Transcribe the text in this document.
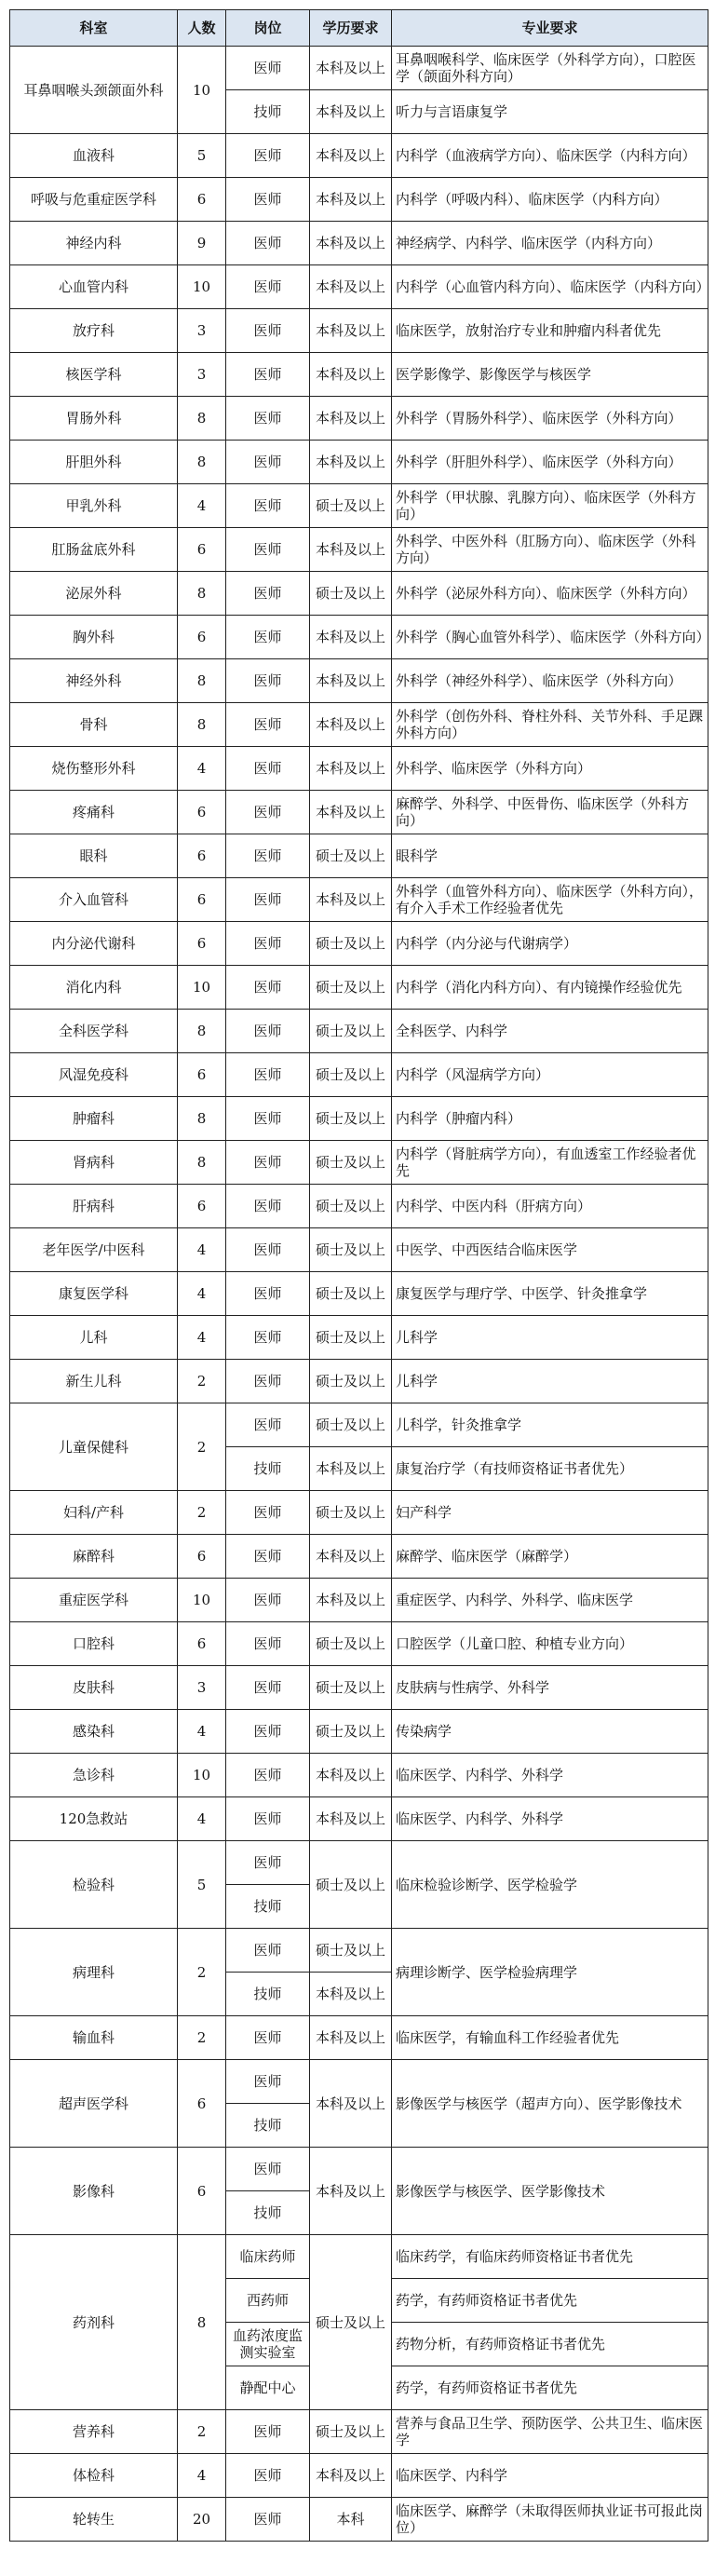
科室	人数	岗位	学历要求	专业要求
耳鼻咽喉头颈颌面外科	10	医师	本科及以上	耳鼻咽喉科学、临床医学（外科学方向），口腔医学（颌面外科方向）
		技师	本科及以上	听力与言语康复学
血液科	5	医师	本科及以上	内科学（血液病学方向）、临床医学（内科方向）
呼吸与危重症医学科	6	医师	本科及以上	内科学（呼吸内科）、临床医学（内科方向）
神经内科	9	医师	本科及以上	神经病学、内科学、临床医学（内科方向）
心血管内科	10	医师	本科及以上	内科学（心血管内科方向）、临床医学（内科方向）
放疗科	3	医师	本科及以上	临床医学，放射治疗专业和肿瘤内科者优先
核医学科	3	医师	本科及以上	医学影像学、影像医学与核医学
胃肠外科	8	医师	本科及以上	外科学（胃肠外科学）、临床医学（外科方向）
肝胆外科	8	医师	本科及以上	外科学（肝胆外科学）、临床医学（外科方向）
甲乳外科	4	医师	硕士及以上	外科学（甲状腺、乳腺方向）、临床医学（外科方向）
肛肠盆底外科	6	医师	本科及以上	外科学、中医外科（肛肠方向）、临床医学（外科方向）
泌尿外科	8	医师	硕士及以上	外科学（泌尿外科方向）、临床医学（外科方向）
胸外科	6	医师	本科及以上	外科学（胸心血管外科学）、临床医学（外科方向）
神经外科	8	医师	本科及以上	外科学（神经外科学）、临床医学（外科方向）
骨科	8	医师	本科及以上	外科学（创伤外科、脊柱外科、关节外科、手足踝外科方向）
烧伤整形外科	4	医师	本科及以上	外科学、临床医学（外科方向）
疼痛科	6	医师	本科及以上	麻醉学、外科学、中医骨伤、临床医学（外科方向）
眼科	6	医师	硕士及以上	眼科学
介入血管科	6	医师	本科及以上	外科学（血管外科方向）、临床医学（外科方向），有介入手术工作经验者优先
内分泌代谢科	6	医师	硕士及以上	内科学（内分泌与代谢病学）
消化内科	10	医师	硕士及以上	内科学（消化内科方向）、有内镜操作经验优先
全科医学科	8	医师	硕士及以上	全科医学、内科学
风湿免疫科	6	医师	硕士及以上	内科学（风湿病学方向）
肿瘤科	8	医师	硕士及以上	内科学（肿瘤内科）
肾病科	8	医师	硕士及以上	内科学（肾脏病学方向），有血透室工作经验者优先
肝病科	6	医师	硕士及以上	内科学、中医内科（肝病方向）
老年医学/中医科	4	医师	硕士及以上	中医学、中西医结合临床医学
康复医学科	4	医师	硕士及以上	康复医学与理疗学、中医学、针灸推拿学
儿科	4	医师	硕士及以上	儿科学
新生儿科	2	医师	硕士及以上	儿科学
儿童保健科	2	医师	硕士及以上	儿科学，针灸推拿学
		技师	本科及以上	康复治疗学（有技师资格证书者优先）
妇科/产科	2	医师	硕士及以上	妇产科学
麻醉科	6	医师	本科及以上	麻醉学、临床医学（麻醉学）
重症医学科	10	医师	本科及以上	重症医学、内科学、外科学、临床医学
口腔科	6	医师	硕士及以上	口腔医学（儿童口腔、种植专业方向）
皮肤科	3	医师	硕士及以上	皮肤病与性病学、外科学
感染科	4	医师	硕士及以上	传染病学
急诊科	10	医师	本科及以上	临床医学、内科学、外科学
120急救站	4	医师	本科及以上	临床医学、内科学、外科学
检验科	5	医师	硕士及以上	临床检验诊断学、医学检验学
		技师		
病理科	2	医师	硕士及以上	病理诊断学、医学检验病理学
		技师	本科及以上	
输血科	2	医师	本科及以上	临床医学，有输血科工作经验者优先
超声医学科	6	医师	本科及以上	影像医学与核医学（超声方向）、医学影像技术
		技师		
影像科	6	医师	本科及以上	影像医学与核医学、医学影像技术
		技师		
药剂科	8	临床药师	硕士及以上	临床药学，有临床药师资格证书者优先
		西药师		药学，有药师资格证书者优先
		血药浓度监测实验室		药物分析，有药师资格证书者优先
		静配中心		药学，有药师资格证书者优先
营养科	2	医师	硕士及以上	营养与食品卫生学、预防医学、公共卫生、临床医学
体检科	4	医师	本科及以上	临床医学、内科学
轮转生	20	医师	本科	临床医学、麻醉学（未取得医师执业证书可报此岗位）
